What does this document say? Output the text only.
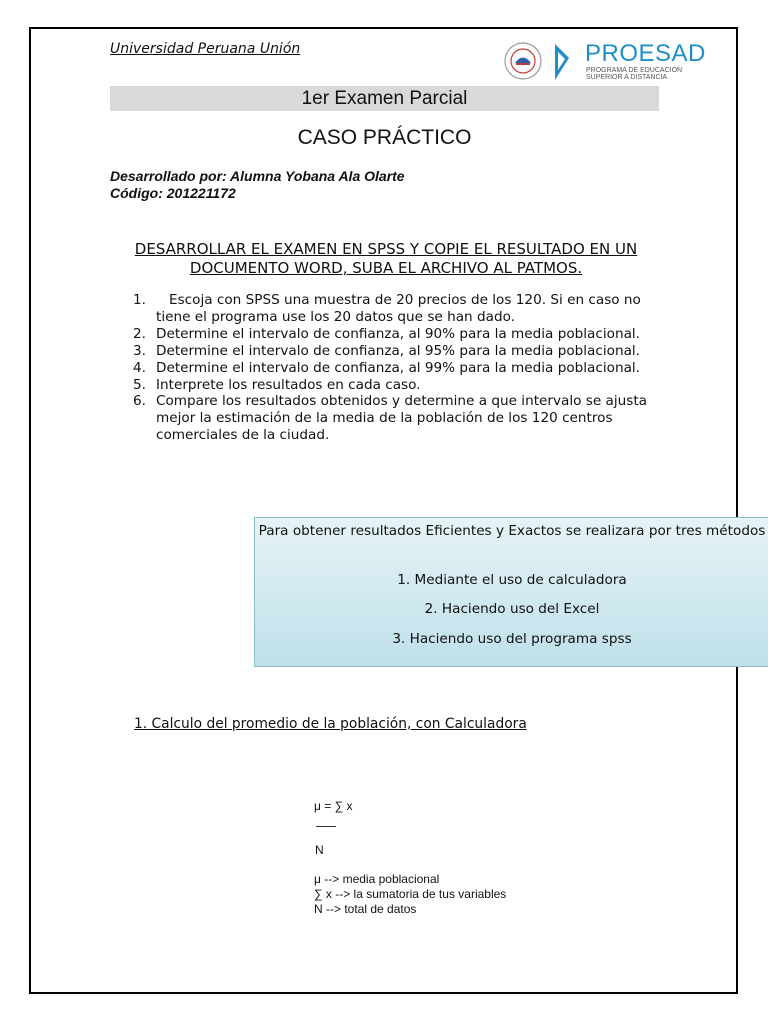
Universidad Peruana Unión	PROESAD
PROGRAMA DE EDUCACIÓN
SUPERIOR A DISTANCIA
1er Examen Parcial
CASO PRÁCTICO
Desarrollado por: Alumna Yobana Ala Olarte
Código: 201221172
DESARROLLAR EL EXAMEN EN SPSS Y COPIE EL RESULTADO EN UN DOCUMENTO WORD, SUBA EL ARCHIVO AL PATMOS.
1. Escoja con SPSS una muestra de 20 precios de los 120. Si en caso no tiene el programa use los 20 datos que se han dado.
2. Determine el intervalo de confianza, al 90% para la media poblacional.
3. Determine el intervalo de confianza, al 95% para la media poblacional.
4. Determine el intervalo de confianza, al 99% para la media poblacional.
5. Interprete los resultados en cada caso.
6. Compare los resultados obtenidos y determine a que intervalo se ajusta mejor la estimación de la media de la población de los 120 centros comerciales de la ciudad.
Para obtener resultados Eficientes y Exactos se realizara por tres métodos
1. Mediante el uso de calculadora
2. Haciendo uso del Excel
3. Haciendo uso del programa spss
1. Calculo del promedio de la población, con Calculadora
μ = ∑ x
N
μ --> media poblacional
∑ x --> la sumatoria de tus variables
N --> total de datos
